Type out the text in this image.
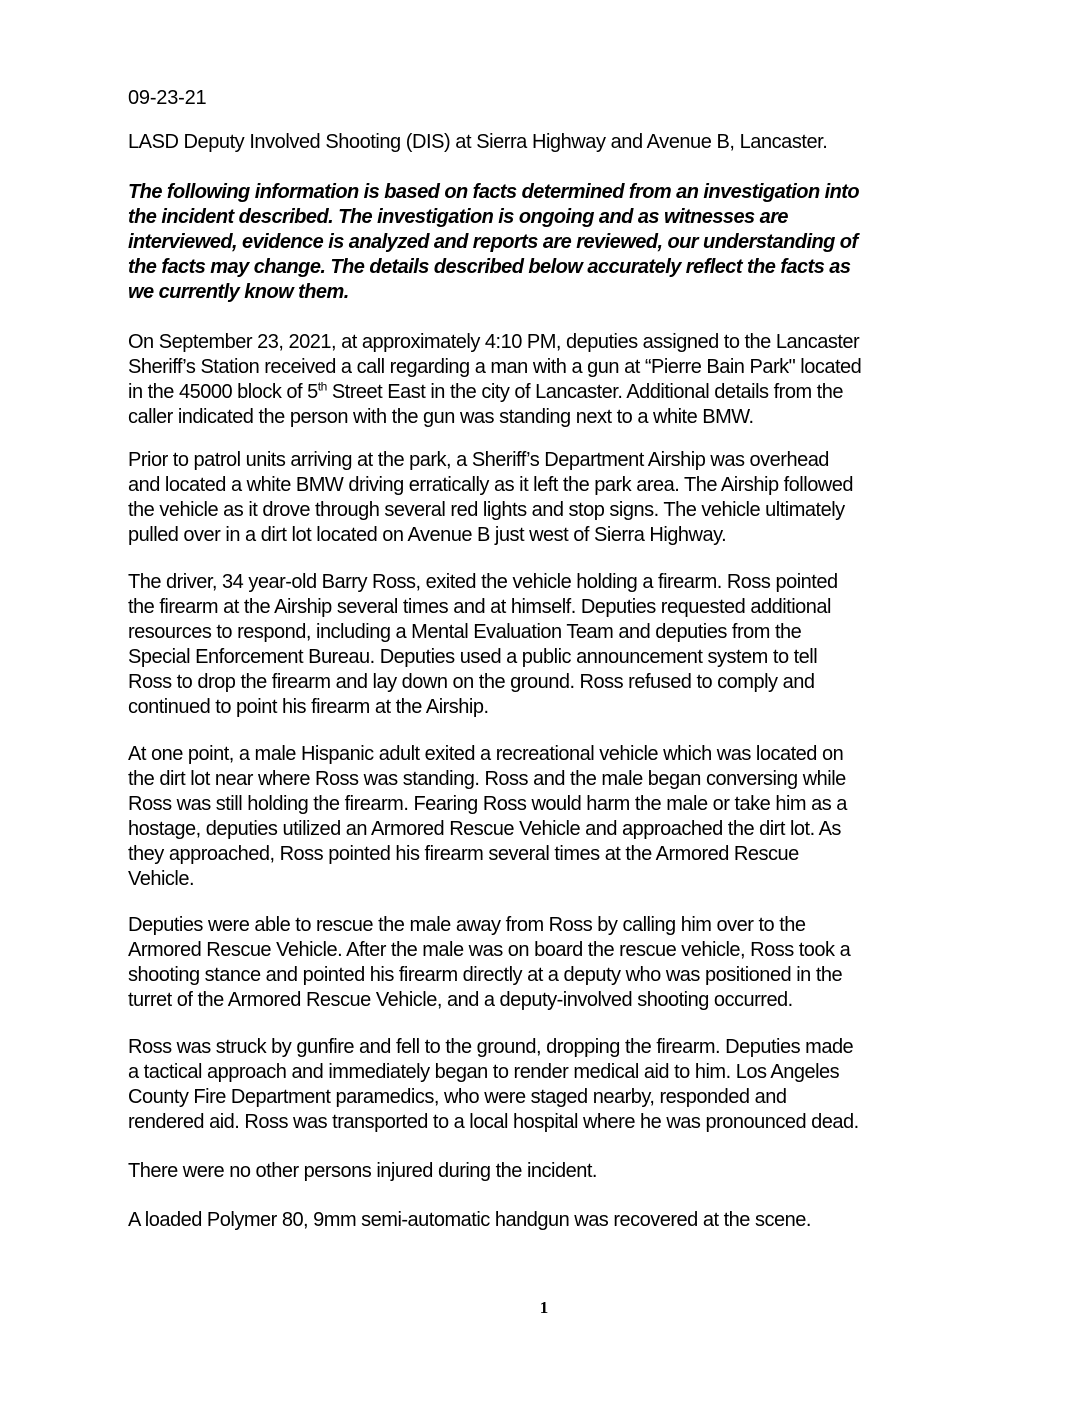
09-23-21
LASD Deputy Involved Shooting (DIS) at Sierra Highway and Avenue B, Lancaster.

The following information is based on facts determined from an investigation into
the incident described. The investigation is ongoing and as witnesses are
interviewed, evidence is analyzed and reports are reviewed, our understanding of
the facts may change. The details described below accurately reflect the facts as
we currently know them.

On September 23, 2021, at approximately 4:10 PM, deputies assigned to the Lancaster
Sheriff’s Station received a call regarding a man with a gun at “Pierre Bain Park" located
in the 45000 block of 5th Street East in the city of Lancaster. Additional details from the
caller indicated the person with the gun was standing next to a white BMW.

Prior to patrol units arriving at the park, a Sheriff’s Department Airship was overhead
and located a white BMW driving erratically as it left the park area. The Airship followed
the vehicle as it drove through several red lights and stop signs. The vehicle ultimately
pulled over in a dirt lot located on Avenue B just west of Sierra Highway.

The driver, 34 year-old Barry Ross, exited the vehicle holding a firearm. Ross pointed
the firearm at the Airship several times and at himself. Deputies requested additional
resources to respond, including a Mental Evaluation Team and deputies from the
Special Enforcement Bureau. Deputies used a public announcement system to tell
Ross to drop the firearm and lay down on the ground. Ross refused to comply and
continued to point his firearm at the Airship.

At one point, a male Hispanic adult exited a recreational vehicle which was located on
the dirt lot near where Ross was standing. Ross and the male began conversing while
Ross was still holding the firearm. Fearing Ross would harm the male or take him as a
hostage, deputies utilized an Armored Rescue Vehicle and approached the dirt lot. As
they approached, Ross pointed his firearm several times at the Armored Rescue
Vehicle.

Deputies were able to rescue the male away from Ross by calling him over to the
Armored Rescue Vehicle. After the male was on board the rescue vehicle, Ross took a
shooting stance and pointed his firearm directly at a deputy who was positioned in the
turret of the Armored Rescue Vehicle, and a deputy-involved shooting occurred.

Ross was struck by gunfire and fell to the ground, dropping the firearm. Deputies made
a tactical approach and immediately began to render medical aid to him. Los Angeles
County Fire Department paramedics, who were staged nearby, responded and
rendered aid. Ross was transported to a local hospital where he was pronounced dead.

There were no other persons injured during the incident.

A loaded Polymer 80, 9mm semi-automatic handgun was recovered at the scene.

1
